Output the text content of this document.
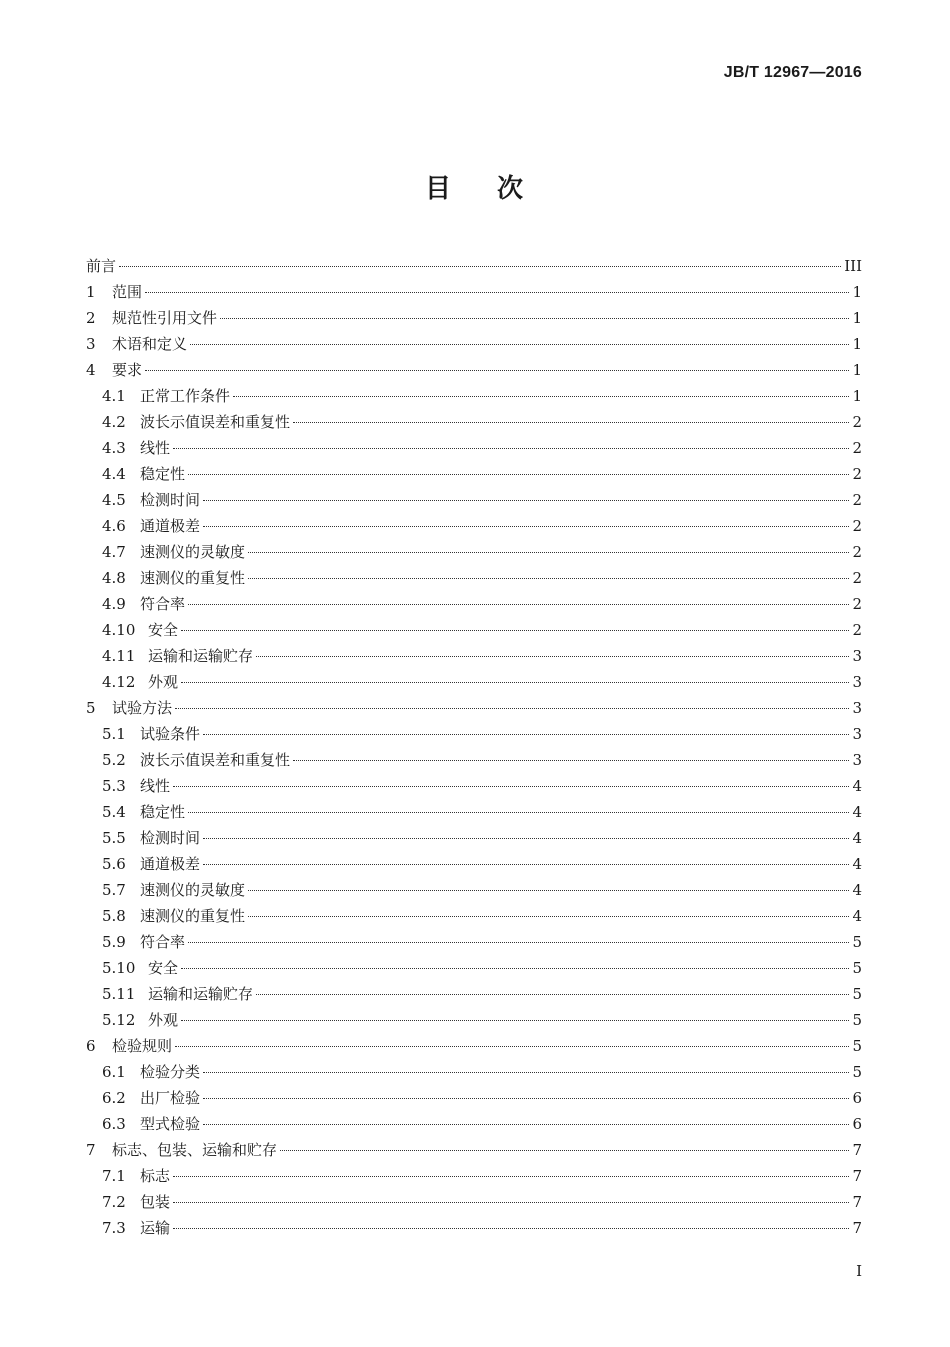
JB/T 12967—2016
目 次
前言	III
1	范围	1
2	规范性引用文件	1
3	术语和定义	1
4	要求	1
4.1 正常工作条件	1
4.2 波长示值误差和重复性	2
4.3 线性	2
4.4 稳定性	2
4.5 检测时间	2
4.6 通道极差	2
4.7 速测仪的灵敏度	2
4.8 速测仪的重复性	2
4.9 符合率	2
4.10 安全	2
4.11 运输和运输贮存	3
4.12 外观	3
5	试验方法	3
5.1 试验条件	3
5.2 波长示值误差和重复性	3
5.3 线性	4
5.4 稳定性	4
5.5 检测时间	4
5.6 通道极差	4
5.7 速测仪的灵敏度	4
5.8 速测仪的重复性	4
5.9 符合率	5
5.10 安全	5
5.11 运输和运输贮存	5
5.12 外观	5
6	检验规则	5
6.1 检验分类	5
6.2 出厂检验	6
6.3 型式检验	6
7	标志、包装、运输和贮存	7
7.1 标志	7
7.2 包装	7
7.3 运输	7
I
